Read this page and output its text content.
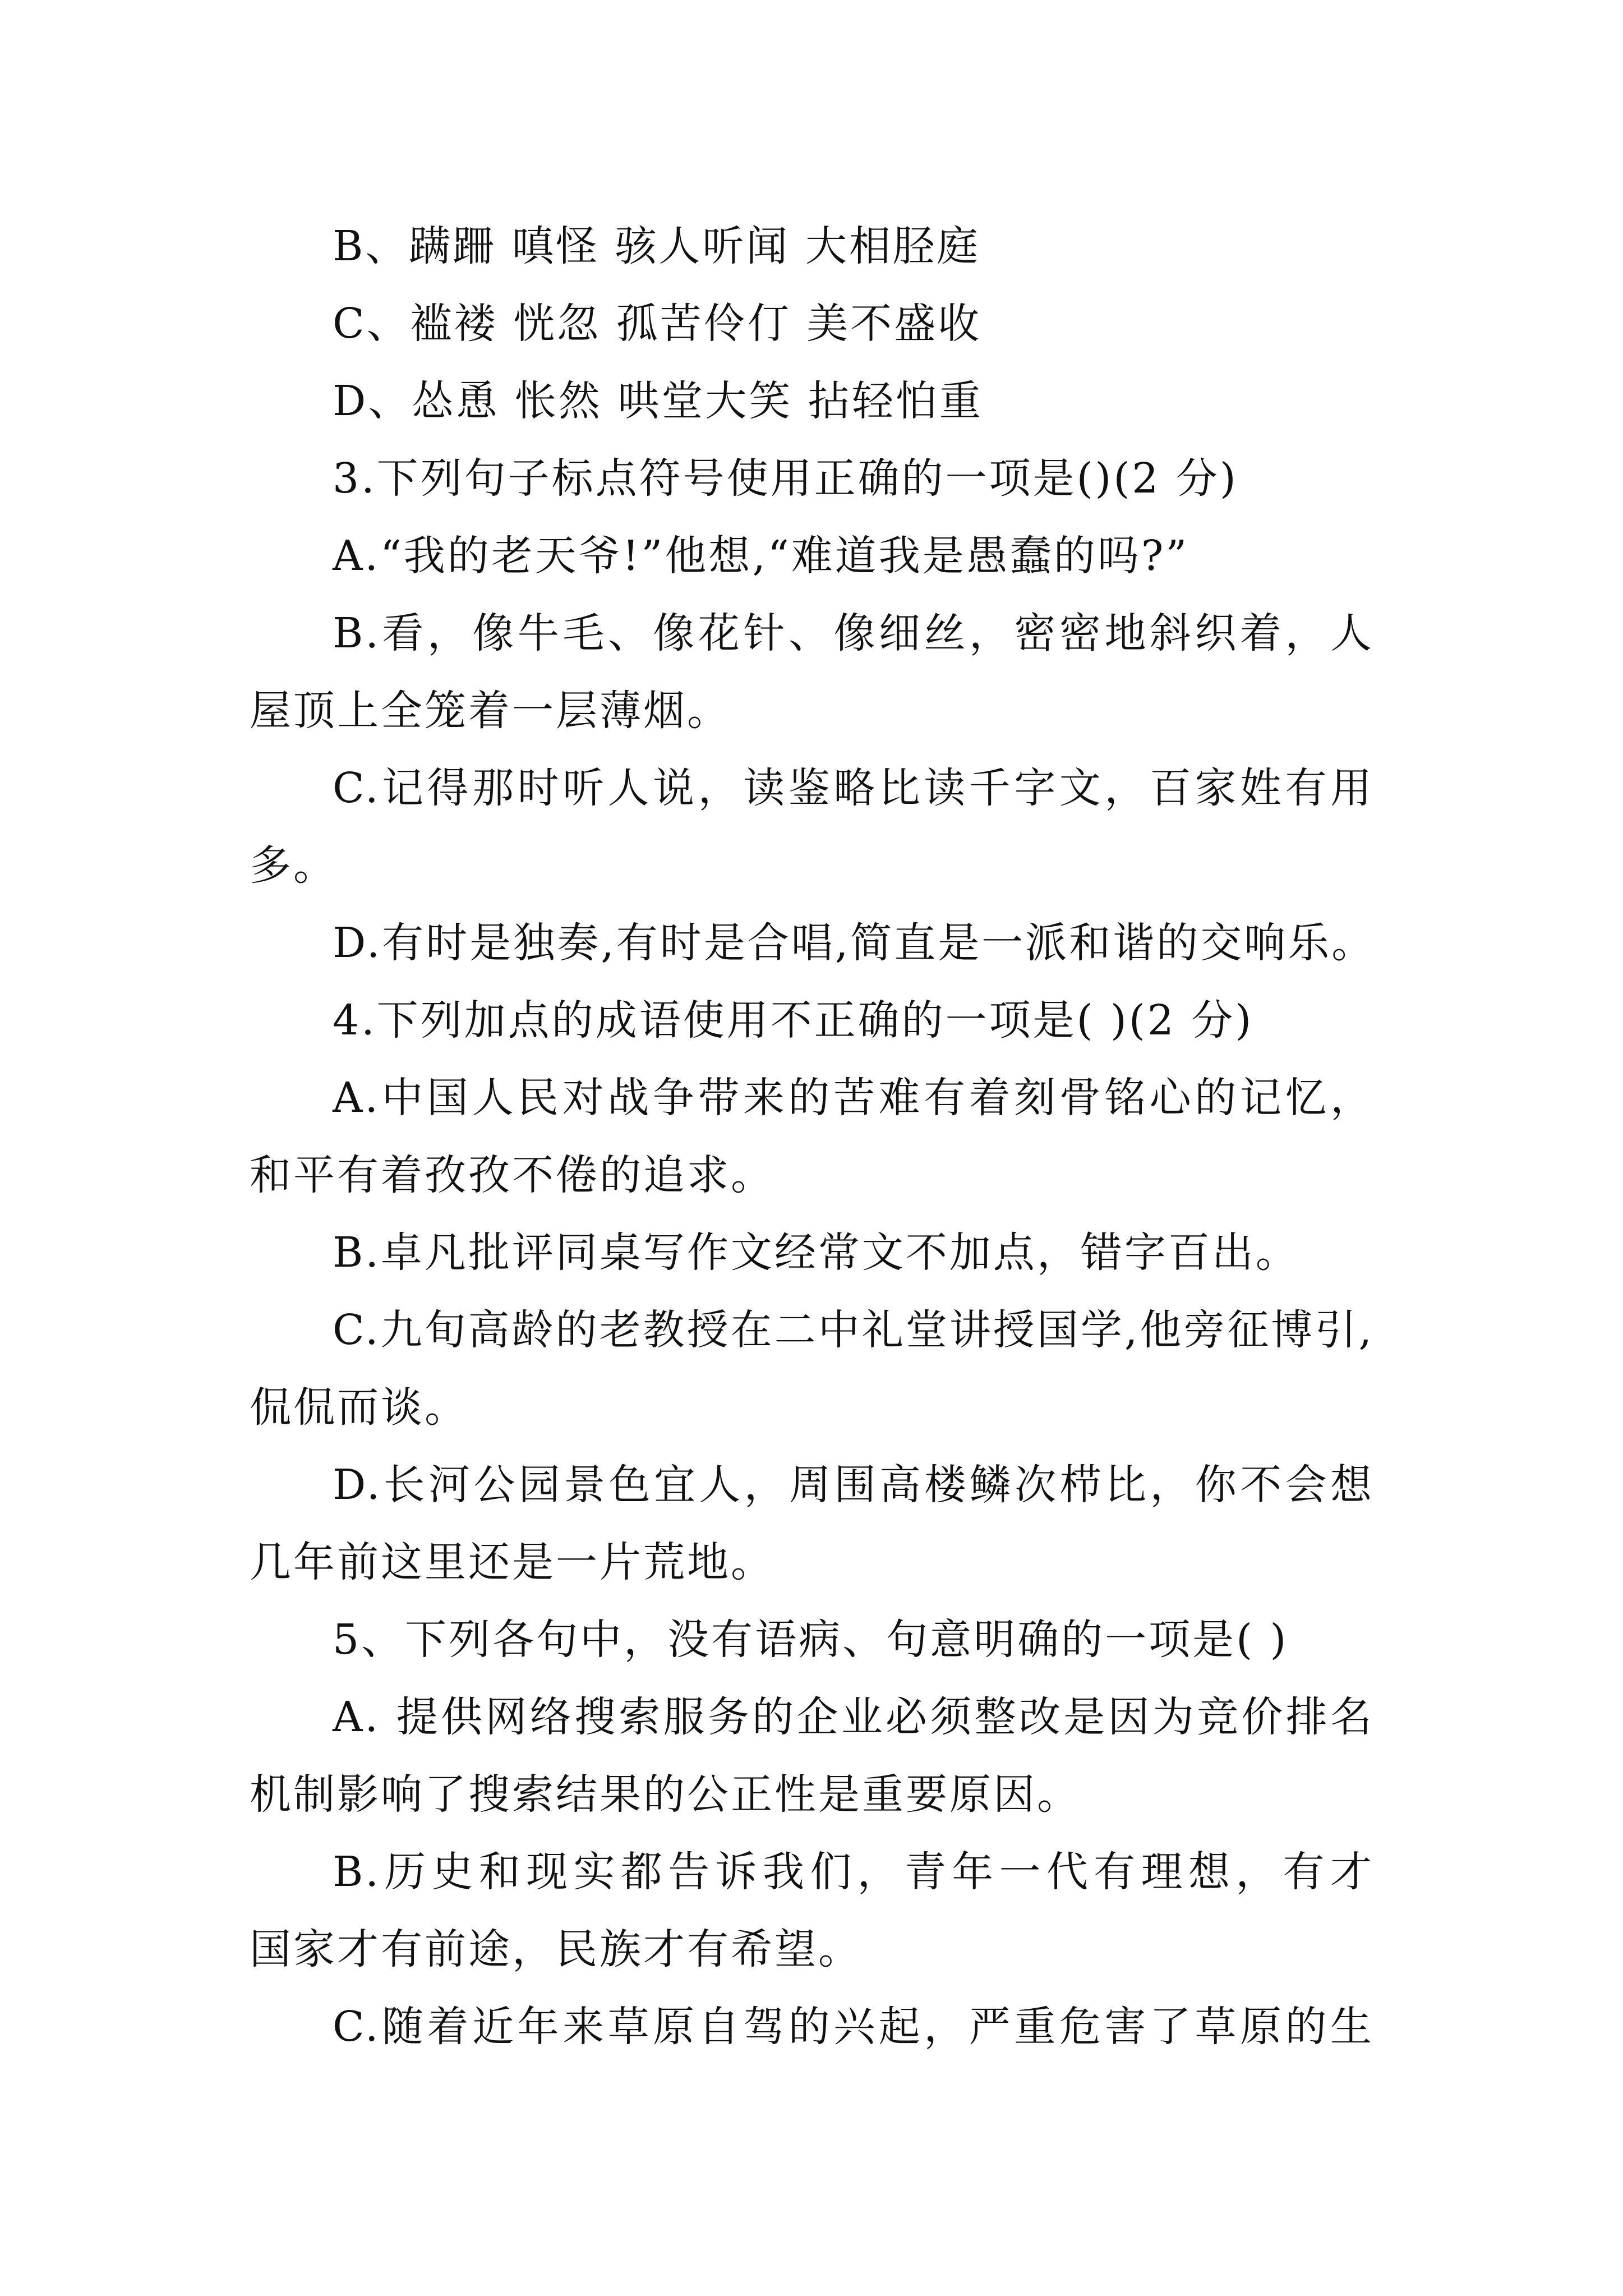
B、蹒跚 嗔怪 骇人听闻 大相胫庭
C、褴褛 恍忽 孤苦伶仃 美不盛收
D、怂恿 怅然 哄堂大笑 拈轻怕重
3.下列句子标点符号使用正确的一项是()(2 分)
A.“我的老天爷!”他想,“难道我是愚蠢的吗?”
B.看，像牛毛、像花针、像细丝，密密地斜织着，人
屋顶上全笼着一层薄烟。
C.记得那时听人说，读鉴略比读千字文，百家姓有用
多。
D.有时是独奏,有时是合唱,简直是一派和谐的交响乐。
4.下列加点的成语使用不正确的一项是( )(2 分)
A.中国人民对战争带来的苦难有着刻骨铭心的记忆，
和平有着孜孜不倦的追求。
B.卓凡批评同桌写作文经常文不加点，错字百出。
C.九旬高龄的老教授在二中礼堂讲授国学,他旁征博引,
侃侃而谈。
D.长河公园景色宜人，周围高楼鳞次栉比，你不会想
几年前这里还是一片荒地。
5、下列各句中，没有语病、句意明确的一项是( )
A. 提供网络搜索服务的企业必须整改是因为竞价排名
机制影响了搜索结果的公正性是重要原因。
B.历史和现实都告诉我们，青年一代有理想，有才
国家才有前途，民族才有希望。
C.随着近年来草原自驾的兴起，严重危害了草原的生
